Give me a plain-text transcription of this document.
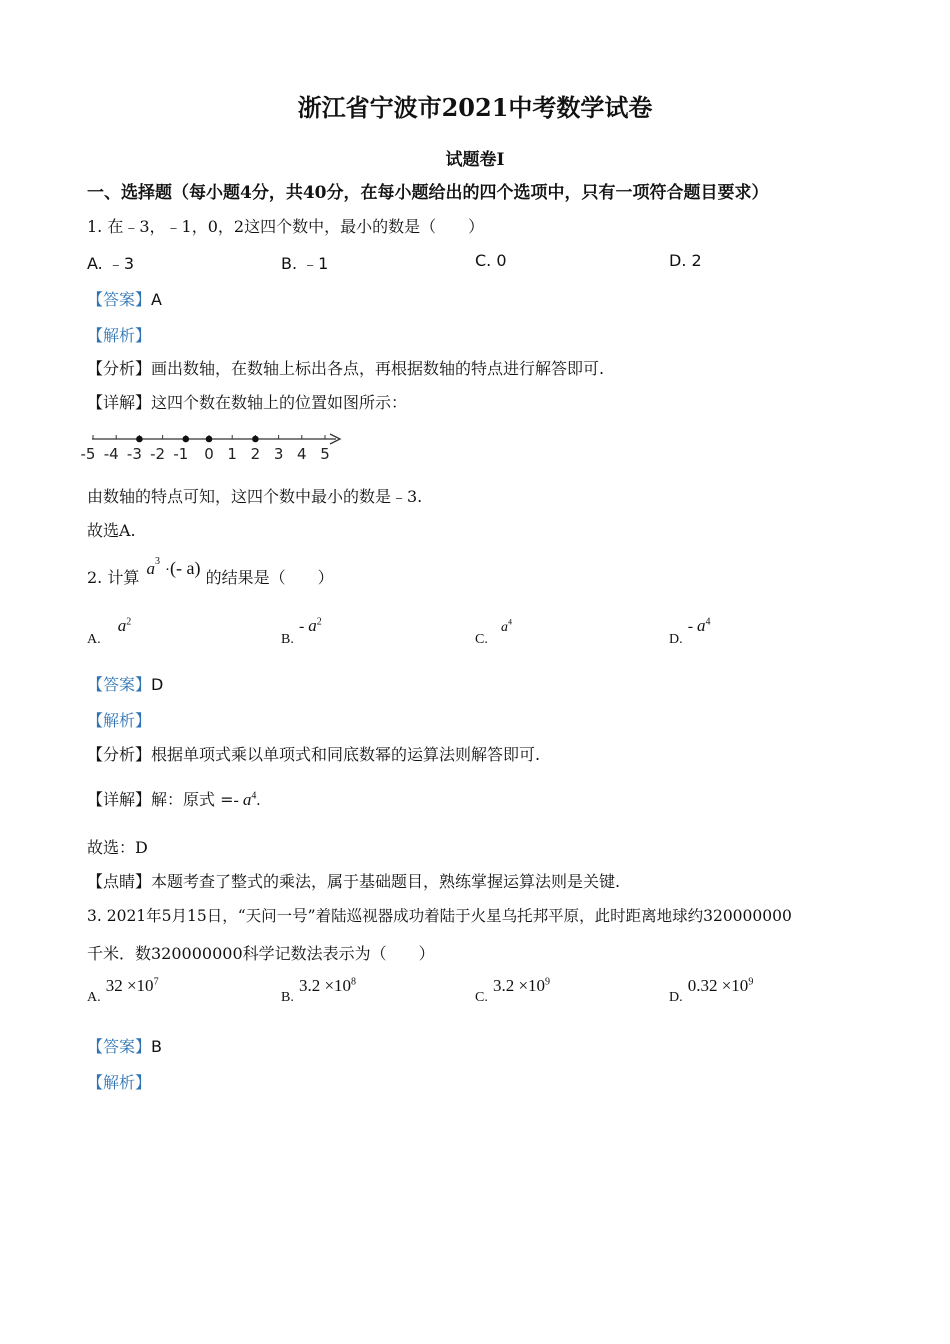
浙江省宁波市2021中考数学试卷
试题卷Ⅰ
一、选择题（每小题4分，共40分，在每小题给出的四个选项中，只有一项符合题目要求）
1. 在﹣3，﹣1，0，2这四个数中，最小的数是（　　）
A. ﹣3	B. ﹣1	C. 0	D. 2
【答案】A
【解析】
【分析】画出数轴，在数轴上标出各点，再根据数轴的特点进行解答即可.
【详解】这四个数在数轴上的位置如图所示：
-5 -4 -3 -2 -1 0 1 2 3 4 5
由数轴的特点可知，这四个数中最小的数是﹣3.
故选A.
2. 计算 $a^3$ ·(- a) 的结果是（　　）
A. $a^2$
B. - $a^2$
C. $a^4$
D. - $a^4$
【答案】D
【解析】
【分析】根据单项式乘以单项式和同底数幂的运算法则解答即可.
【详解】解：原式 =- $a^4$.
故选：D
【点睛】本题考查了整式的乘法，属于基础题目，熟练掌握运算法则是关键.
3. 2021年5月15日，“天问一号”着陆巡视器成功着陆于火星乌托邦平原，此时距离地球约320000000
千米．数320000000科学记数法表示为（　　）
A. $32 \times 10^7$
B. $3.2 \times 10^8$
C. $3.2 \times 10^9$
D. $0.32 \times 10^9$
【答案】B
【解析】
